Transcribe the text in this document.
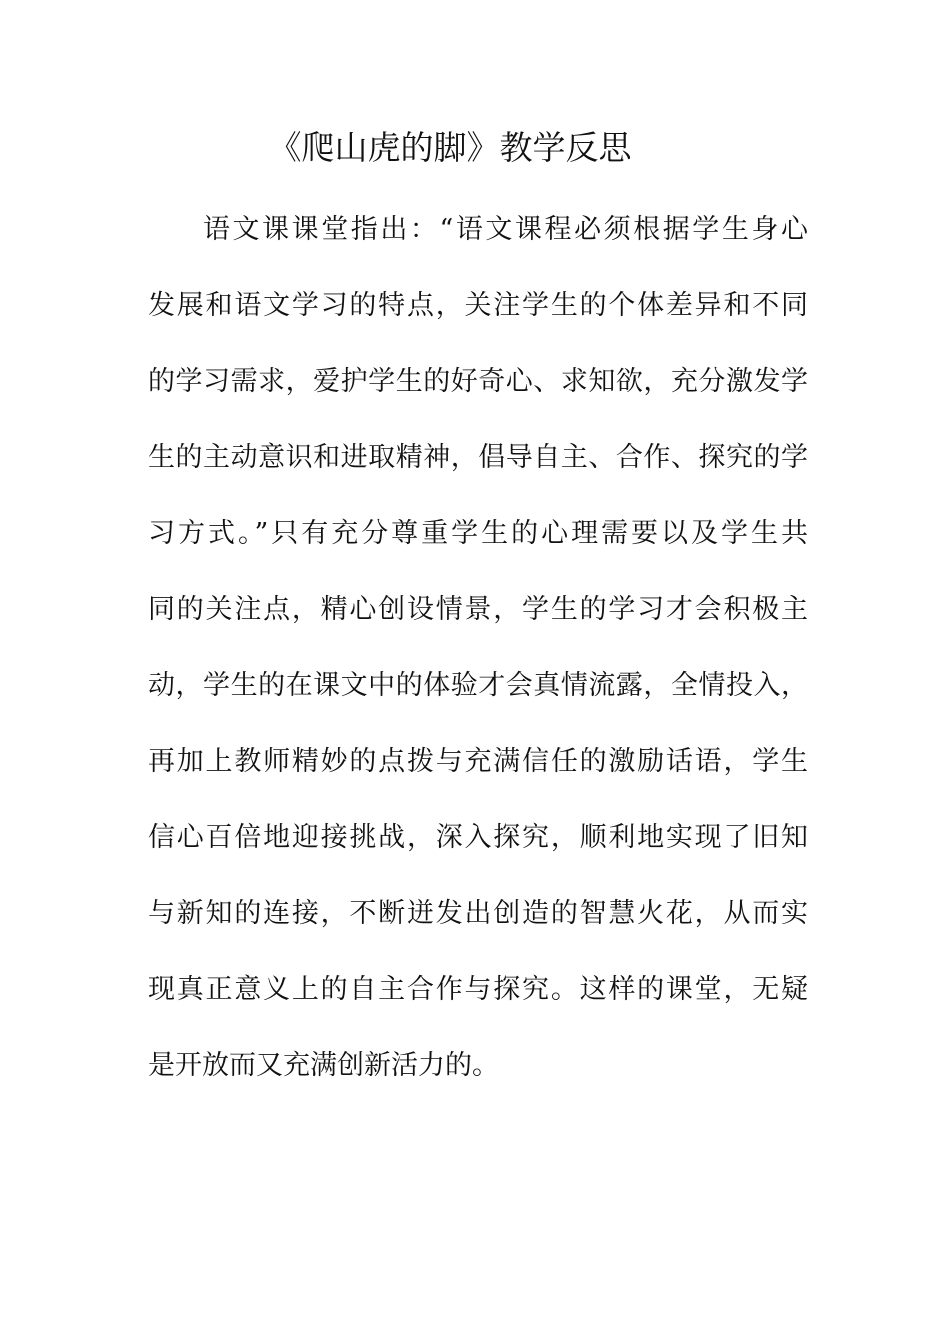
《爬山虎的脚》教学反思
语文课课堂指出：“语文课程必须根据学生身心
发展和语文学习的特点，关注学生的个体差异和不同
的学习需求，爱护学生的好奇心、求知欲，充分激发学
生的主动意识和进取精神，倡导自主、合作、探究的学
习方式。”只有充分尊重学生的心理需要以及学生共
同的关注点，精心创设情景，学生的学习才会积极主
动，学生的在课文中的体验才会真情流露，全情投入，
再加上教师精妙的点拨与充满信任的激励话语，学生
信心百倍地迎接挑战，深入探究，顺利地实现了旧知
与新知的连接，不断迸发出创造的智慧火花，从而实
现真正意义上的自主合作与探究。这样的课堂，无疑
是开放而又充满创新活力的。
